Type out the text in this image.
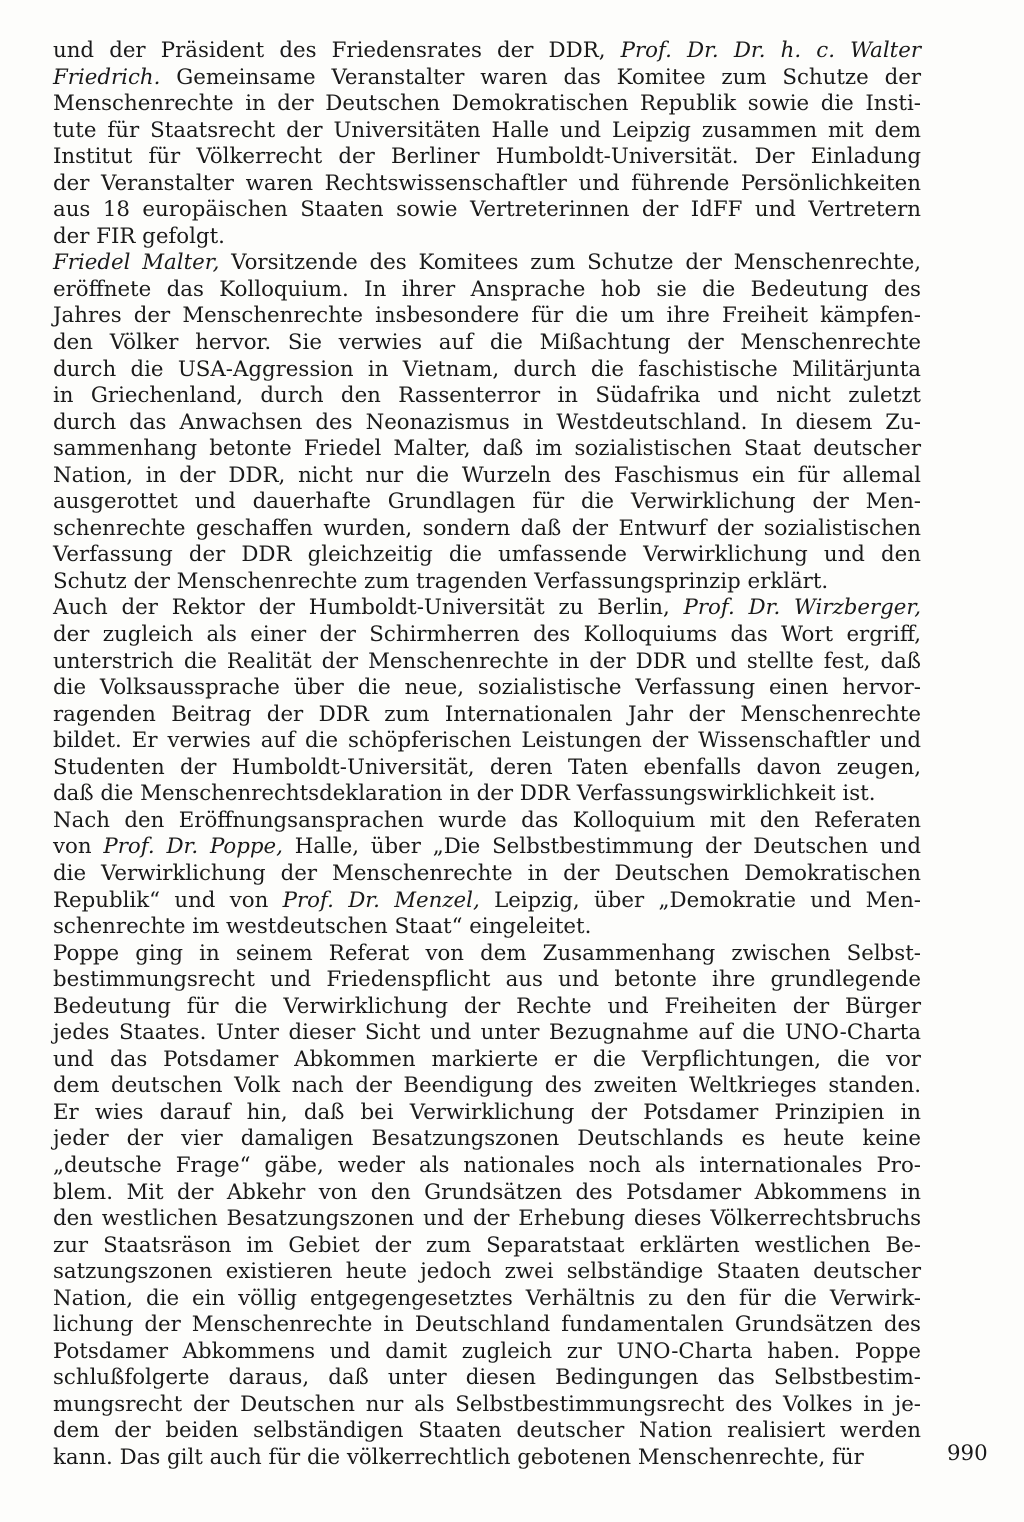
und der Präsident des Friedensrates der DDR, Prof. Dr. Dr. h. c. Walter
Friedrich. Gemeinsame Veranstalter waren das Komitee zum Schutze der
Menschenrechte in der Deutschen Demokratischen Republik sowie die Insti-
tute für Staatsrecht der Universitäten Halle und Leipzig zusammen mit dem
Institut für Völkerrecht der Berliner Humboldt-Universität. Der Einladung
der Veranstalter waren Rechtswissenschaftler und führende Persönlichkeiten
aus 18 europäischen Staaten sowie Vertreterinnen der IdFF und Vertretern
der FIR gefolgt.
Friedel Malter, Vorsitzende des Komitees zum Schutze der Menschenrechte,
eröffnete das Kolloquium. In ihrer Ansprache hob sie die Bedeutung des
Jahres der Menschenrechte insbesondere für die um ihre Freiheit kämpfen-
den Völker hervor. Sie verwies auf die Mißachtung der Menschenrechte
durch die USA-Aggression in Vietnam, durch die faschistische Militärjunta
in Griechenland, durch den Rassenterror in Südafrika und nicht zuletzt
durch das Anwachsen des Neonazismus in Westdeutschland. In diesem Zu-
sammenhang betonte Friedel Malter, daß im sozialistischen Staat deutscher
Nation, in der DDR, nicht nur die Wurzeln des Faschismus ein für allemal
ausgerottet und dauerhafte Grundlagen für die Verwirklichung der Men-
schenrechte geschaffen wurden, sondern daß der Entwurf der sozialistischen
Verfassung der DDR gleichzeitig die umfassende Verwirklichung und den
Schutz der Menschenrechte zum tragenden Verfassungsprinzip erklärt.
Auch der Rektor der Humboldt-Universität zu Berlin, Prof. Dr. Wirzberger,
der zugleich als einer der Schirmherren des Kolloquiums das Wort ergriff,
unterstrich die Realität der Menschenrechte in der DDR und stellte fest, daß
die Volksaussprache über die neue, sozialistische Verfassung einen hervor-
ragenden Beitrag der DDR zum Internationalen Jahr der Menschenrechte
bildet. Er verwies auf die schöpferischen Leistungen der Wissenschaftler und
Studenten der Humboldt-Universität, deren Taten ebenfalls davon zeugen,
daß die Menschenrechtsdeklaration in der DDR Verfassungswirklichkeit ist.
Nach den Eröffnungsansprachen wurde das Kolloquium mit den Referaten
von Prof. Dr. Poppe, Halle, über „Die Selbstbestimmung der Deutschen und
die Verwirklichung der Menschenrechte in der Deutschen Demokratischen
Republik“ und von Prof. Dr. Menzel, Leipzig, über „Demokratie und Men-
schenrechte im westdeutschen Staat“ eingeleitet.
Poppe ging in seinem Referat von dem Zusammenhang zwischen Selbst-
bestimmungsrecht und Friedenspflicht aus und betonte ihre grundlegende
Bedeutung für die Verwirklichung der Rechte und Freiheiten der Bürger
jedes Staates. Unter dieser Sicht und unter Bezugnahme auf die UNO-Charta
und das Potsdamer Abkommen markierte er die Verpflichtungen, die vor
dem deutschen Volk nach der Beendigung des zweiten Weltkrieges standen.
Er wies darauf hin, daß bei Verwirklichung der Potsdamer Prinzipien in
jeder der vier damaligen Besatzungszonen Deutschlands es heute keine
„deutsche Frage“ gäbe, weder als nationales noch als internationales Pro-
blem. Mit der Abkehr von den Grundsätzen des Potsdamer Abkommens in
den westlichen Besatzungszonen und der Erhebung dieses Völkerrechtsbruchs
zur Staatsräson im Gebiet der zum Separatstaat erklärten westlichen Be-
satzungszonen existieren heute jedoch zwei selbständige Staaten deutscher
Nation, die ein völlig entgegengesetztes Verhältnis zu den für die Verwirk-
lichung der Menschenrechte in Deutschland fundamentalen Grundsätzen des
Potsdamer Abkommens und damit zugleich zur UNO-Charta haben. Poppe
schlußfolgerte daraus, daß unter diesen Bedingungen das Selbstbestim-
mungsrecht der Deutschen nur als Selbstbestimmungsrecht des Volkes in je-
dem der beiden selbständigen Staaten deutscher Nation realisiert werden
kann. Das gilt auch für die völkerrechtlich gebotenen Menschenrechte, für	990
